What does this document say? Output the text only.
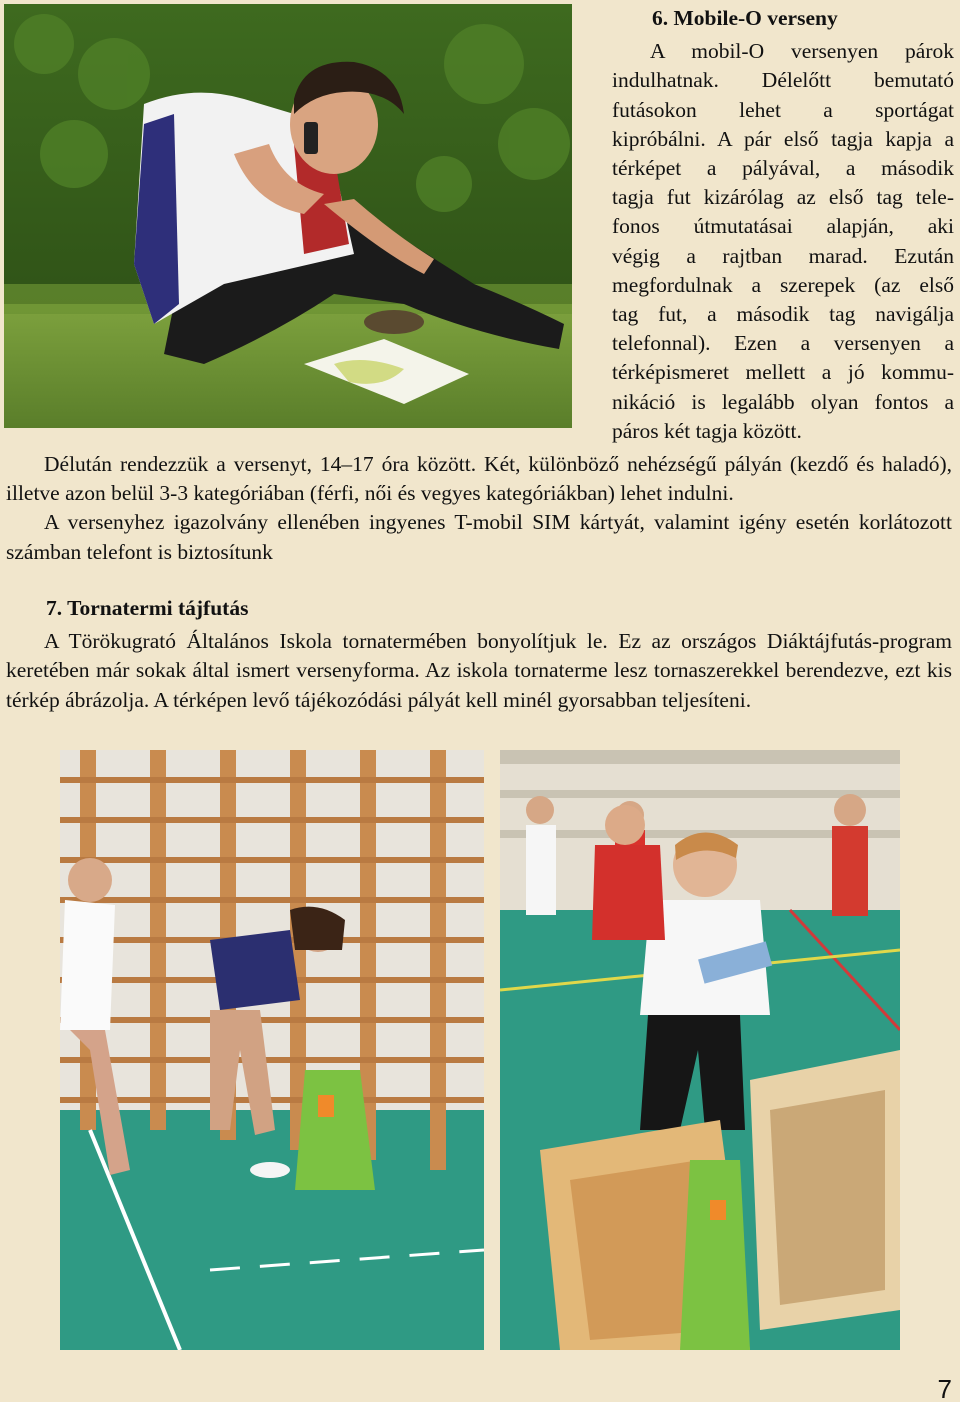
6. Mobile-O verseny
A mobil-O versenyen párok
indulhatnak. Délelőtt bemutató
futásokon lehet a sportágat
kipróbálni. A pár első tagja kapja a
térképet a pályával, a második
tagja fut kizárólag az első tag tele-
fonos útmutatásai alapján, aki
végig a rajtban marad. Ezután
megfordulnak a szerepek (az első
tag fut, a második tag navigálja
telefonnal). Ezen a versenyen a
térképismeret mellett a jó kommu-
nikáció is legalább olyan fontos a
páros két tagja között.

Délután rendezzük a versenyt, 14–17 óra között. Két, különböző nehézségű pályán (kezdő és haladó), illetve azon belül 3-3 kategóriában (férfi, női és vegyes kategóriákban) lehet indulni.

A versenyhez igazolvány ellenében ingyenes T-mobil SIM kártyát, valamint igény esetén korlátozott számban telefont is biztosítunk

7. Tornatermi tájfutás

A Törökugrató Általános Iskola tornatermében bonyolítjuk le. Ez az országos Diáktájfutás-program keretében már sokak által ismert versenyforma. Az iskola tornaterme lesz tornaszerekkel berendezve, ezt kis térkép ábrázolja. A térképen levő tájékozódási pályát kell minél gyorsabban teljesíteni.

7
